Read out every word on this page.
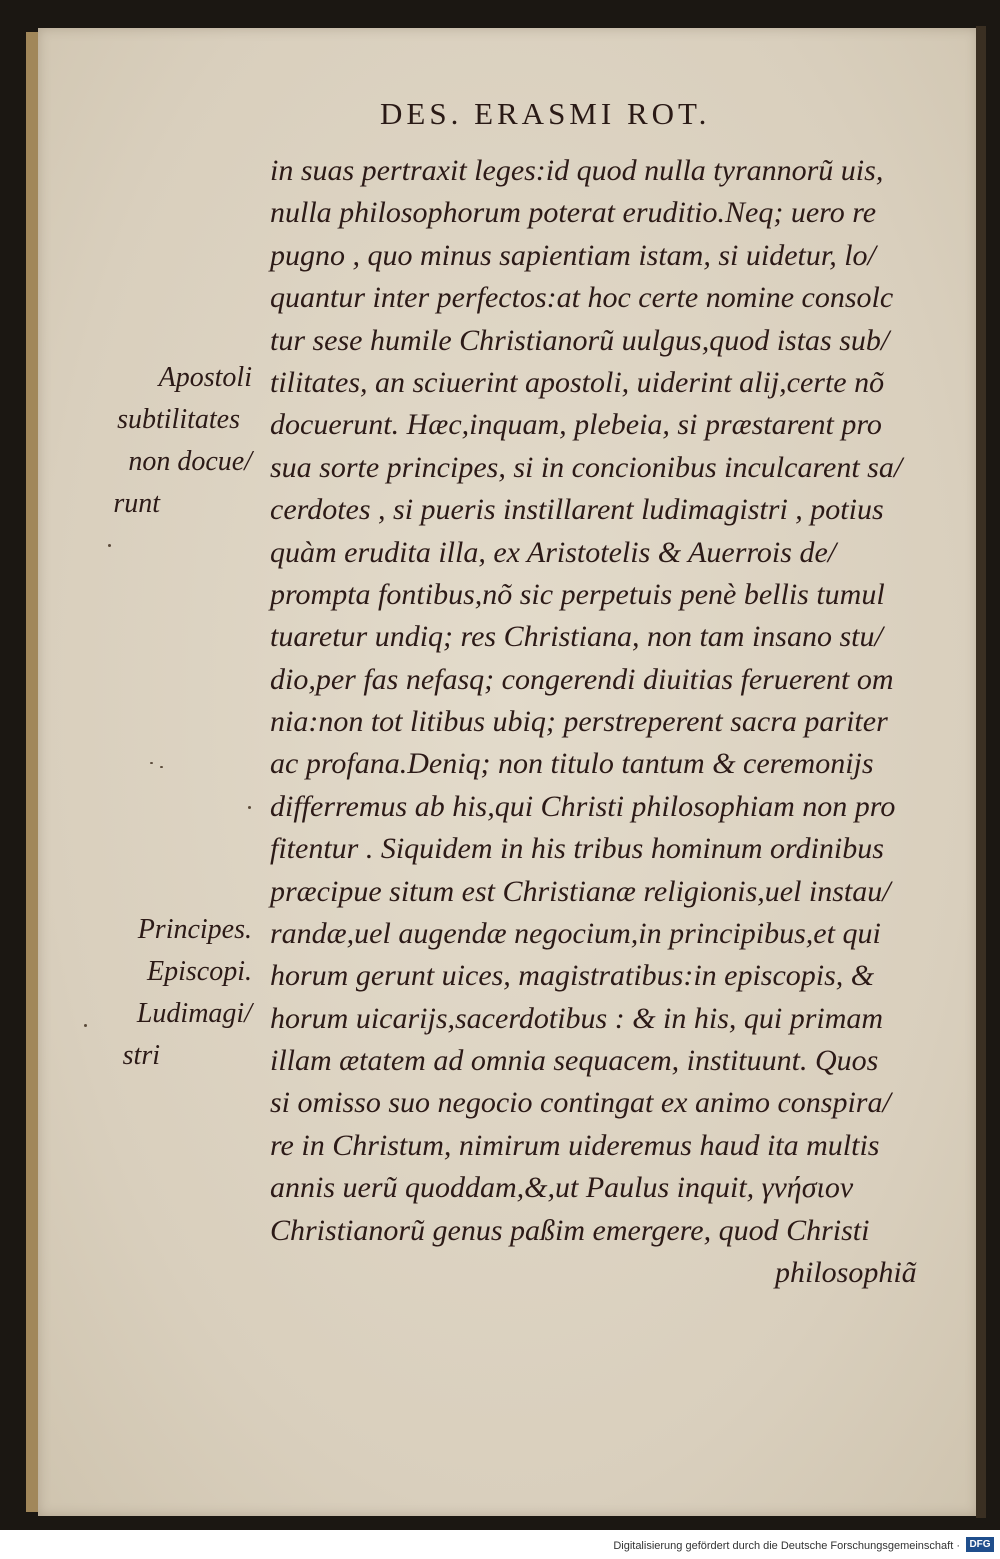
DES. ERASMI ROT.
in suas pertraxit leges:id quod nulla tyrannorũ uis,
nulla philosophorum poterat eruditio.Neq; uero re
pugno , quo minus sapientiam istam, si uidetur, lo/
quantur inter perfectos:at hoc certe nomine consolc
tur sese humile Christianorũ uulgus,quod istas sub/
tilitates, an sciuerint apostoli, uiderint alij,certe nõ
docuerunt. Hæc,inquam, plebeia, si præstarent pro
sua sorte principes, si in concionibus inculcarent sa/
cerdotes , si pueris instillarent ludimagistri , potius
quàm erudita illa, ex Aristotelis & Auerrois de/
prompta fontibus,nõ sic perpetuis penè bellis tumul
tuaretur undiq; res Christiana, non tam insano stu/
dio,per fas nefasq; congerendi diuitias feruerent om
nia:non tot litibus ubiq; perstreperent sacra pariter
ac profana.Deniq; non titulo tantum & ceremonijs
differremus ab his,qui Christi philosophiam non pro
fitentur . Siquidem in his tribus hominum ordinibus
præcipue situm est Christianæ religionis,uel instau/
randæ,uel augendæ negocium,in principibus,et qui
horum gerunt uices, magistratibus:in episcopis, &
horum uicarijs,sacerdotibus : & in his, qui primam
illam ætatem ad omnia sequacem, instituunt. Quos
si omisso suo negocio contingat ex animo conspira/
re in Christum, nimirum uideremus haud ita multis
annis uerũ quoddam,&,ut Paulus inquit, γνήσιον
Christianorũ genus paßim emergere, quod Christi
philosophiã
Apostoli
subtilitates
non docue/
runt
Principes.
Episcopi.
Ludimagi/
stri
Digitalisierung gefördert durch die Deutsche Forschungsgemeinschaft · DFG
